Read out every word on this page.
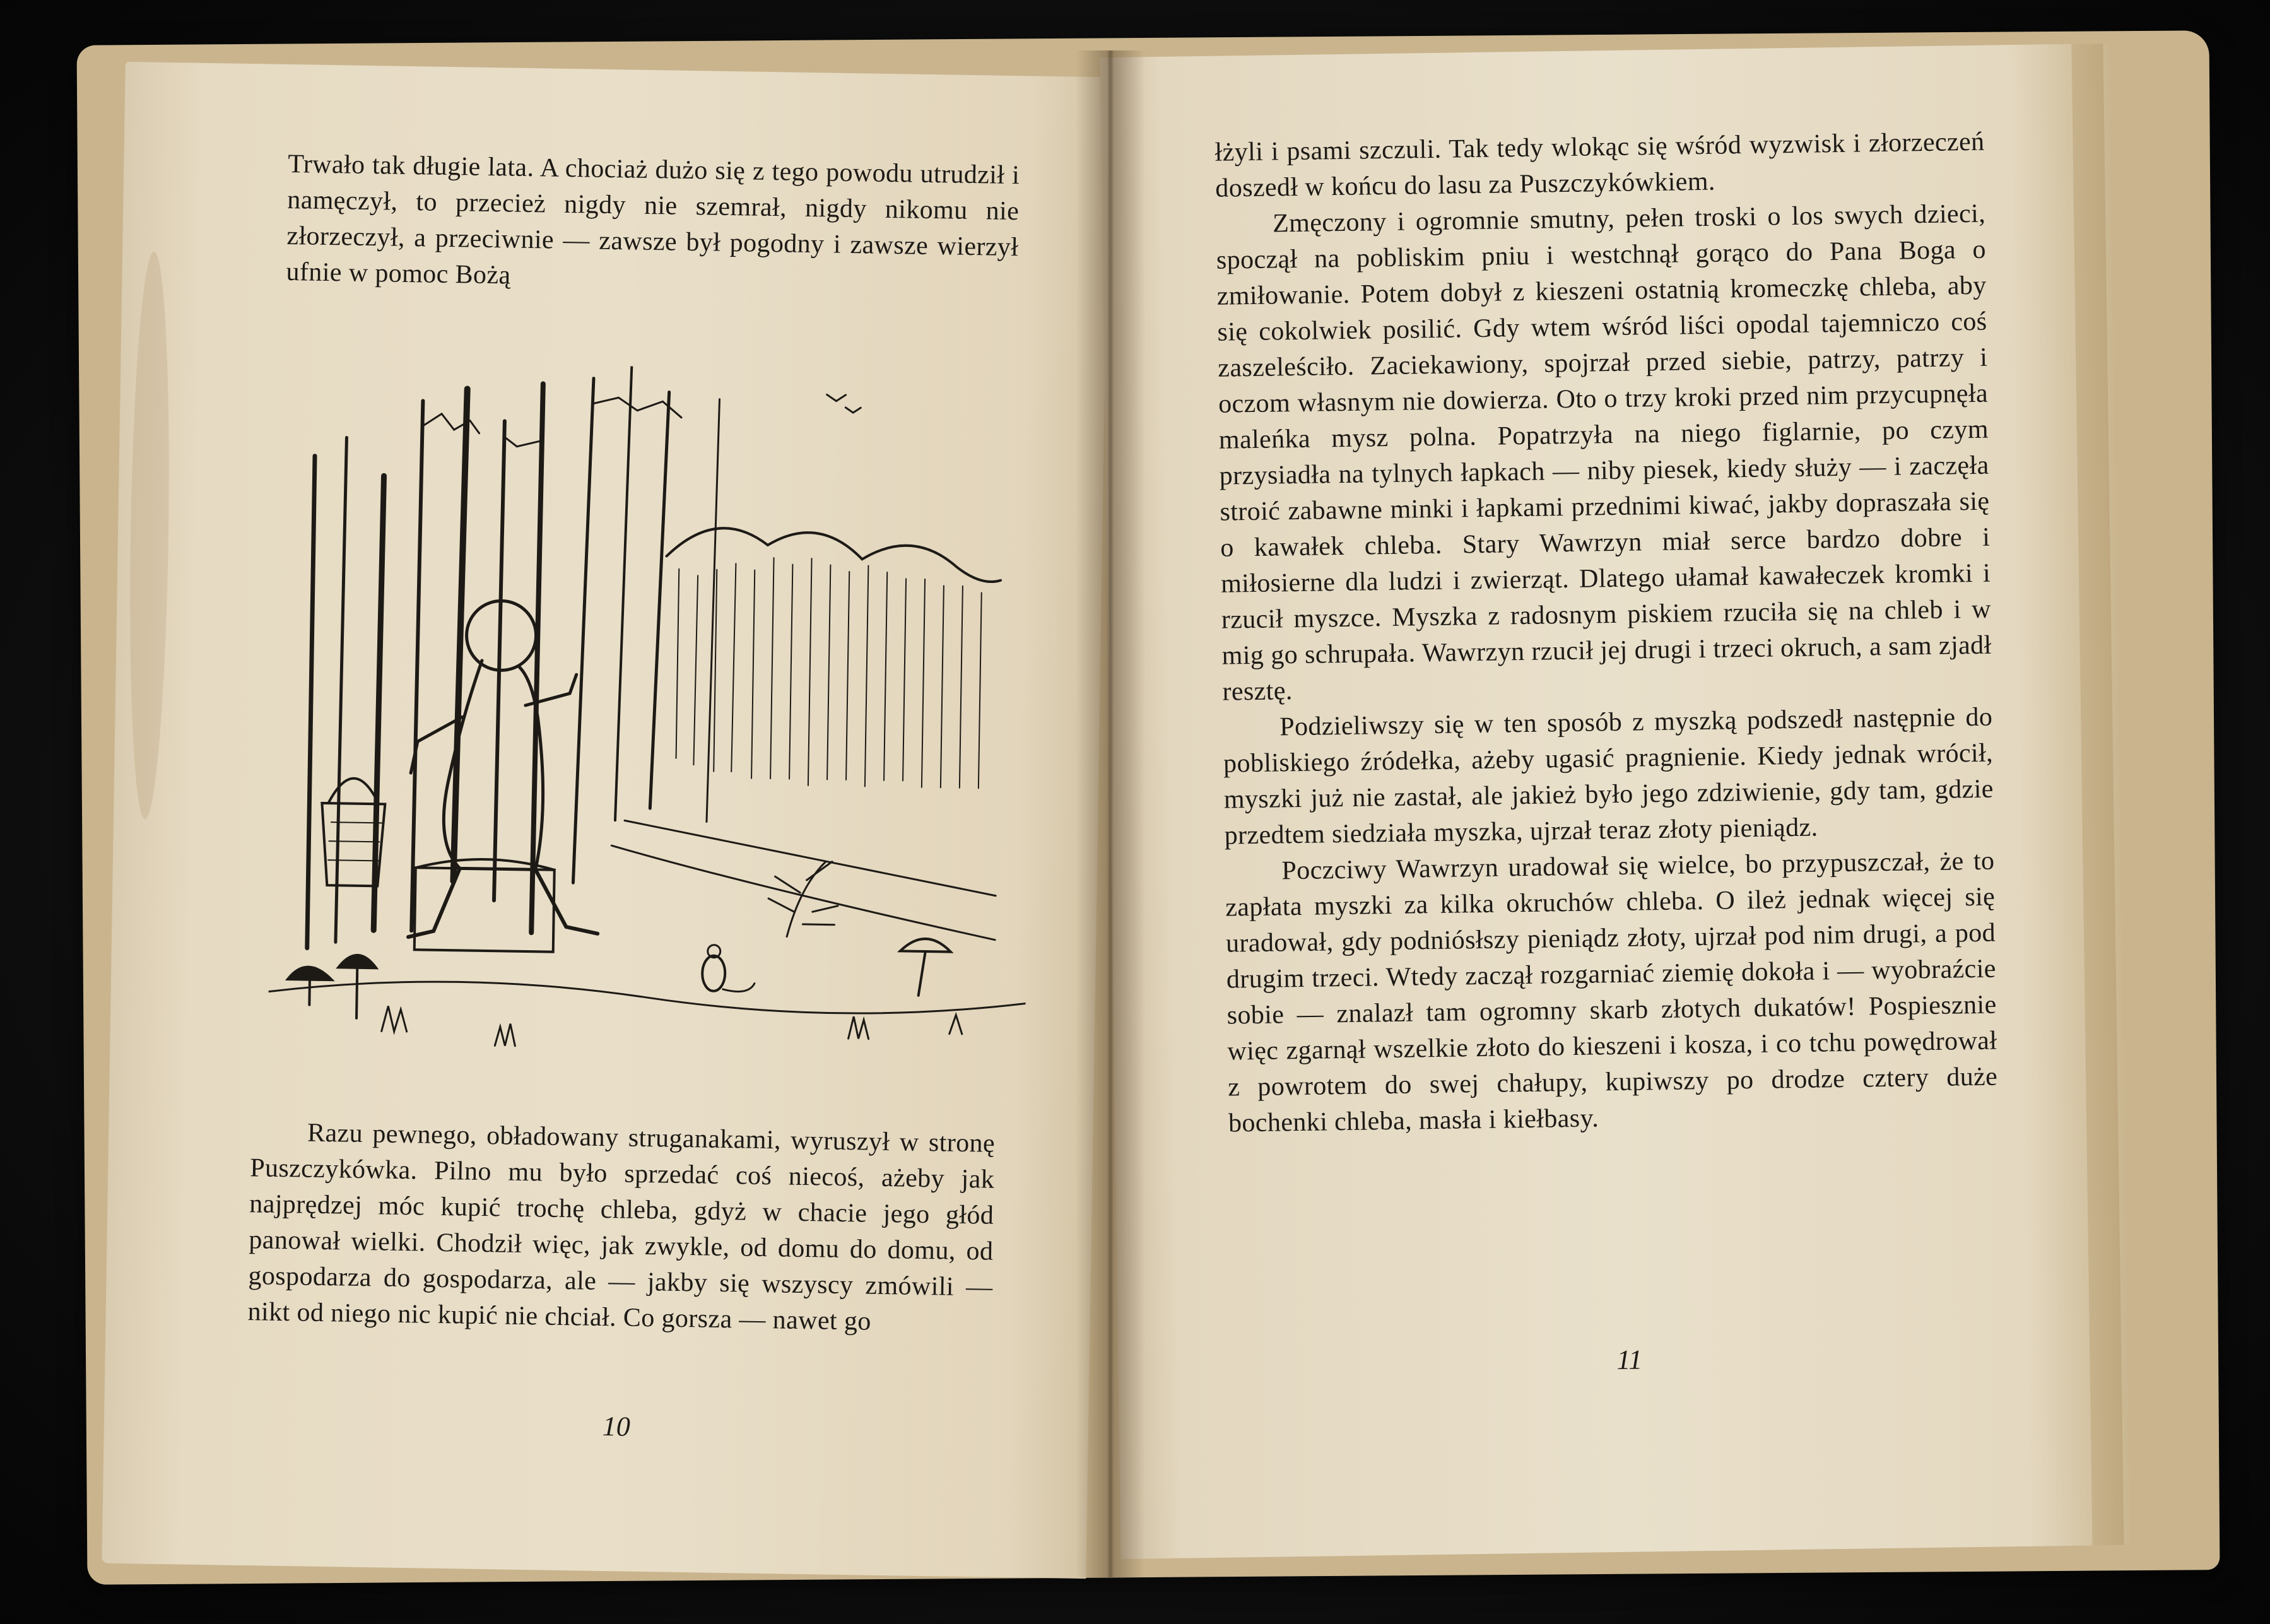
Trwało tak długie lata. A chociaż dużo się z tego powodu utrudził i namęczył, to przecież nigdy nie szemrał, nigdy nikomu nie złorzeczył, a przeciwnie — zawsze był pogodny i zawsze wierzył ufnie w pomoc Bożą

Razu pewnego, obładowany struganakami, wyruszył w stronę Puszczykówka. Pilno mu było sprzedać coś niecoś, ażeby jak najprędzej móc kupić trochę chleba, gdyż w chacie jego głód panował wielki. Chodził więc, jak zwykle, od domu do domu, od gospodarza do gospodarza, ale — jakby się wszyscy zmówili — nikt od niego nic kupić nie chciał. Co gorsza — nawet go

10

łżyli i psami szczuli. Tak tedy wlokąc się wśród wyzwisk i złorzeczeń doszedł w końcu do lasu za Puszczykówkiem.

Zmęczony i ogromnie smutny, pełen troski o los swych dzieci, spoczął na pobliskim pniu i westchnął gorąco do Pana Boga o zmiłowanie. Potem dobył z kieszeni ostatnią kromeczkę chleba, aby się cokolwiek posilić. Gdy wtem wśród liści opodal tajemniczo coś zaszeleściło. Zaciekawiony, spojrzał przed siebie, patrzy, patrzy i oczom własnym nie dowierza. Oto o trzy kroki przed nim przycupnęła maleńka mysz polna. Popatrzyła na niego figlarnie, po czym przysiadła na tylnych łapkach — niby piesek, kiedy służy — i zaczęła stroić zabawne minki i łapkami przednimi kiwać, jakby dopraszała się o kawałek chleba. Stary Wawrzyn miał serce bardzo dobre i miłosierne dla ludzi i zwierząt. Dlatego ułamał kawałeczek kromki i rzucił myszce. Myszka z radosnym piskiem rzuciła się na chleb i w mig go schrupała. Wawrzyn rzucił jej drugi i trzeci okruch, a sam zjadł resztę.

Podzieliwszy się w ten sposób z myszką podszedł następnie do pobliskiego źródełka, ażeby ugasić pragnienie. Kiedy jednak wrócił, myszki już nie zastał, ale jakież było jego zdziwienie, gdy tam, gdzie przedtem siedziała myszka, ujrzał teraz złoty pieniądz.

Poczciwy Wawrzyn uradował się wielce, bo przypuszczał, że to zapłata myszki za kilka okruchów chleba. O ileż jednak więcej się uradował, gdy podniósłszy pieniądz złoty, ujrzał pod nim drugi, a pod drugim trzeci. Wtedy zaczął rozgarniać ziemię dokoła i — wyobraźcie sobie — znalazł tam ogromny skarb złotych dukatów! Pospiesznie więc zgarnął wszelkie złoto do kieszeni i kosza, i co tchu powędrował z powrotem do swej chałupy, kupiwszy po drodze cztery duże bochenki chleba, masła i kiełbasy.

11
